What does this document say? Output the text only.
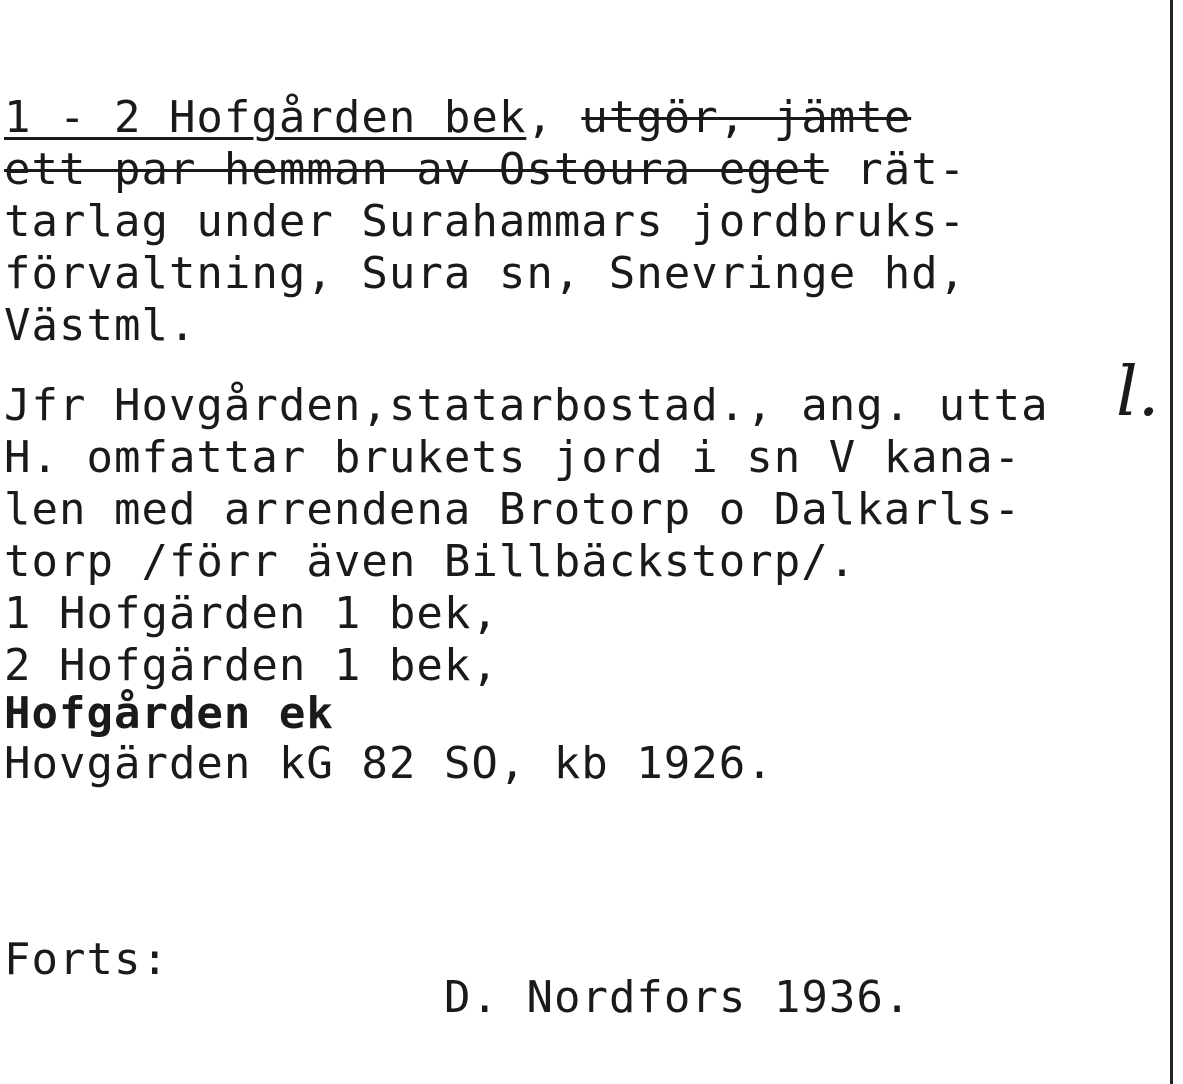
1 - 2 Hofgården bek, utgör, jämte
ett par hemman av Ostoura eget rät-
tarlag under Surahammars jordbruks-
förvaltning, Sura sn, Snevringe hd,
Västml.
Jfr Hovgården,statarbostad., ang. utta
H. omfattar brukets jord i sn V kana-
len med arrendena Brotorp o Dalkarls-
torp /förr även Billbäckstorp/.
l.
1 Hofgärden 1 bek,
2 Hofgärden 1 bek,
Hofgården ek
Hovgärden kG 82 SO, kb 1926.
Forts:
D. Nordfors 1936.
